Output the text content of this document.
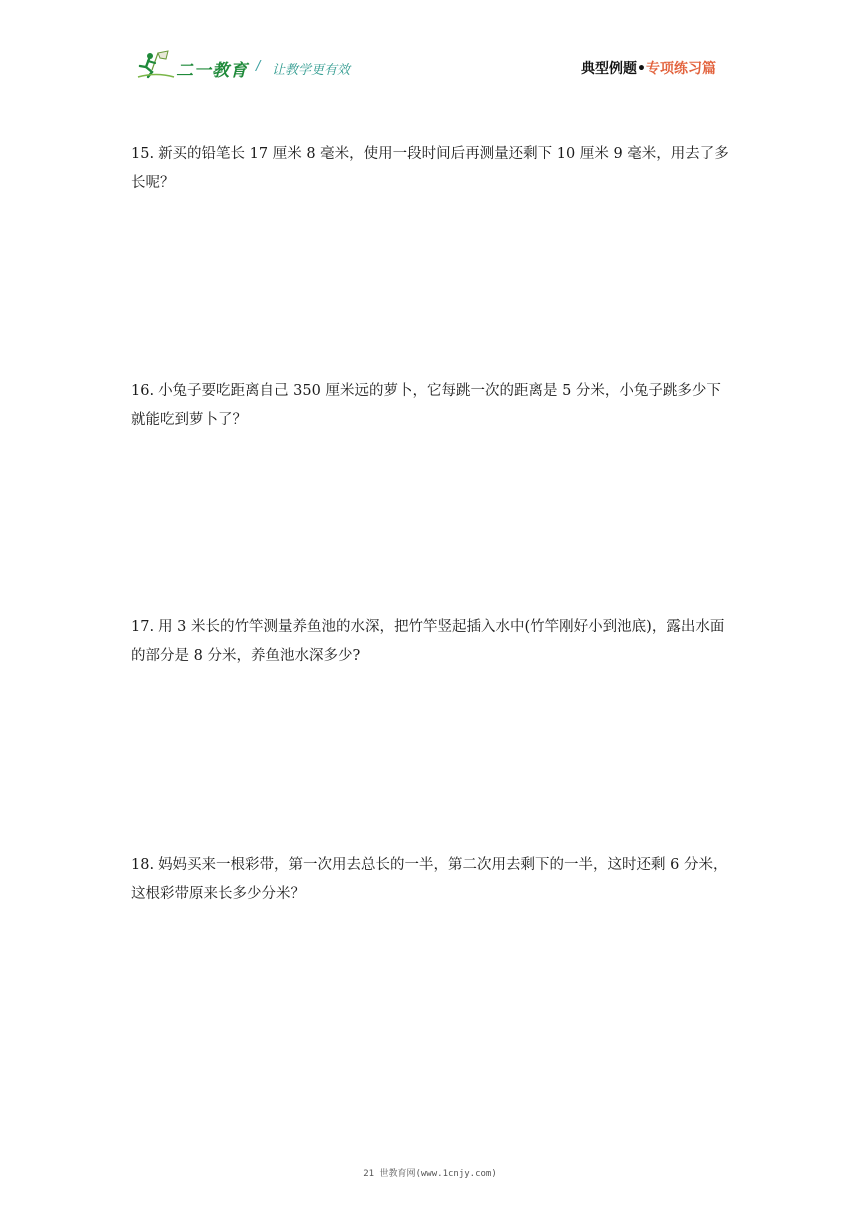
二一教育 / 让教学更有效	典型例题•专项练习篇

15. 新买的铅笔长 17 厘米 8 毫米，使用一段时间后再测量还剩下 10 厘米 9 毫米，用去了多长呢？

16. 小兔子要吃距离自己 350 厘米远的萝卜，它每跳一次的距离是 5 分米，小兔子跳多少下就能吃到萝卜了？

17. 用 3 米长的竹竿测量养鱼池的水深，把竹竿竖起插入水中(竹竿刚好小到池底)，露出水面的部分是 8 分米，养鱼池水深多少?

18. 妈妈买来一根彩带，第一次用去总长的一半，第二次用去剩下的一半，这时还剩 6 分米，这根彩带原来长多少分米？

21 世教育网(www.1cnjy.com)
